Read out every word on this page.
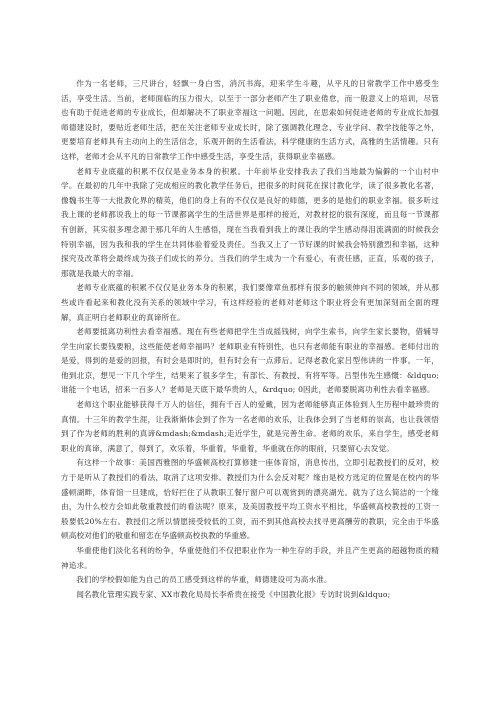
作为一名老师，三尺讲台，轻飘一身白雪，消沉书海，迎来学生斗趣，从平凡的日常教学工作中感受生活，享受生活。当前，老师面临的压力很大，以至于一部分老师产生了职业倦怠，而一般意义上的培训，尽管也有助于促进老师的专业成长，但却解决不了职业幸福这一问题。因此，在思索如何促进老师的专业成长加强师德建设时，要贴近老师生活，把在关注老师专业成长时，除了强调教化理念、专业学问、教学技能等之外，更要培育老师具有主动向上的生活信念，乐观开朗的生活看法，科学健康的生活方式，高雅的生活情趣。只有这样，老师才会从平凡的日常教学工作中感受生活，享受生活，获得职业幸福感。

老师专业底蕴的积累不仅仅是业务本身的积累。十年前毕业安排我去了我们当地最为偏僻的一个山村中学。在最初的几年中我除了完成相应的教化教学任务后，把很多的时间花在探讨教化学，读了很多教化名著，像魏书生等一大批教化界的精英，他们的身上有的不仅仅是良好的师德，更多的是他们的职业幸福。很多听过我上课的老师都说我上的每一节课都离学生的生活世界是那样的接近，对教材挖的很有深度，而且每一节课都有创新，其实很多理念源于那几年的人生感悟，现在当我看到我上的课让我的学生感动得泪流满面的时候我会特别幸福，因为我和我的学生在共同体验着爱及责任。当我又上了一节好课的时候我会特别激烈和幸福，这种探究及改革将会最终成为孩子们成长的养分。当我们的学生成为一个有爱心，有责任感，正直，乐观的孩子，那就是我最大的幸福。

老师专业底蕴的积累不仅仅是业务本身的积累，我们要像章鱼那样有很多的触须伸向不同的领域，并从那些或许看起来和教化没有关系的领域中学习，有这样经验的老师对老师这个职业将会有更加深刻而全面的理解，真正明白老师职业的真谛所在。

老师要抵离功利性去看幸福感。现在有些老师把学生当成摇钱树，向学生索书，向学生家长要物，借辅导学生向家长要钱要粮，这些能使老师幸福吗？老师职业有特别性，也只有老师能有职业的幸福感。老师付出的是爱，得到的是爱的回报，有时会是即时的，但有时会有一点滞后。记得老教化家吕型伟讲的一件事。一年，他到北京，想见一下几个学生，结果来了很多学生，有部长、有教授、有将军等。吕型伟先生感慨：&ldquo;谁能一个电话，招来一百多人？老师是天底下最华贵的人，&rdquo; 0因此，老师要脱离功利性去看幸福感。

老师这个职业能够获得千万人的信任，拥有千百人的爱戴，因为老师能够真正体验到人生历程中最珍贵的真情。十三年的教学生涯，让我渐渐体会到了作为一名老师的欢乐，让我体会到了当老师的崇高，也让我领悟到了作为老师的胜利的真谛&mdash;&mdash;走近学生，就是完善生命。老师的欢乐，来自学生，感受老师职业的真谛，满意了，得到了，欢乐着，华重着，华重着，华重就在你的眼前，只要留心去发觉。

有这样一个故事：美国西雅图的华盛顿高校打算修建一座体育馆，消息传出，立即引起教授们的反对，校方于是听从了教授们的看法，取消了这项安排。教授们为什么会反对呢？缘由是校方选定的位置是在校内的华盛顿湖畔，体育馆一旦建成，恰好拦住了从教职工餐厅窗户可以观赏到的漂亮湖光。就为了这么简洁的一个缘由，为什么校方会如此敬重教授们的看法呢？原来，及美国教授平均工资水平相比，华盛顿高校教授的工资一般要低20%左右。教授们之所以情愿接受较低的工资，而不到其他高校去找寻更高酬劳的教职，完全由于华盛顿高校对他们的敬重和留恋在华盛顿高校执教的华重感。

华重使他们淡化名利的纷争，华重使他们不仅把职业作为一种生存的手段，并且产生更高的超越物质的精神追求。

我们的学校假如能为自己的员工感受到这样的华重，师德建设可为高水准。

闻名教化管理实践专家、XX市教化局局长李希贵在接受《中国教化报》专访时说到&ldquo;
